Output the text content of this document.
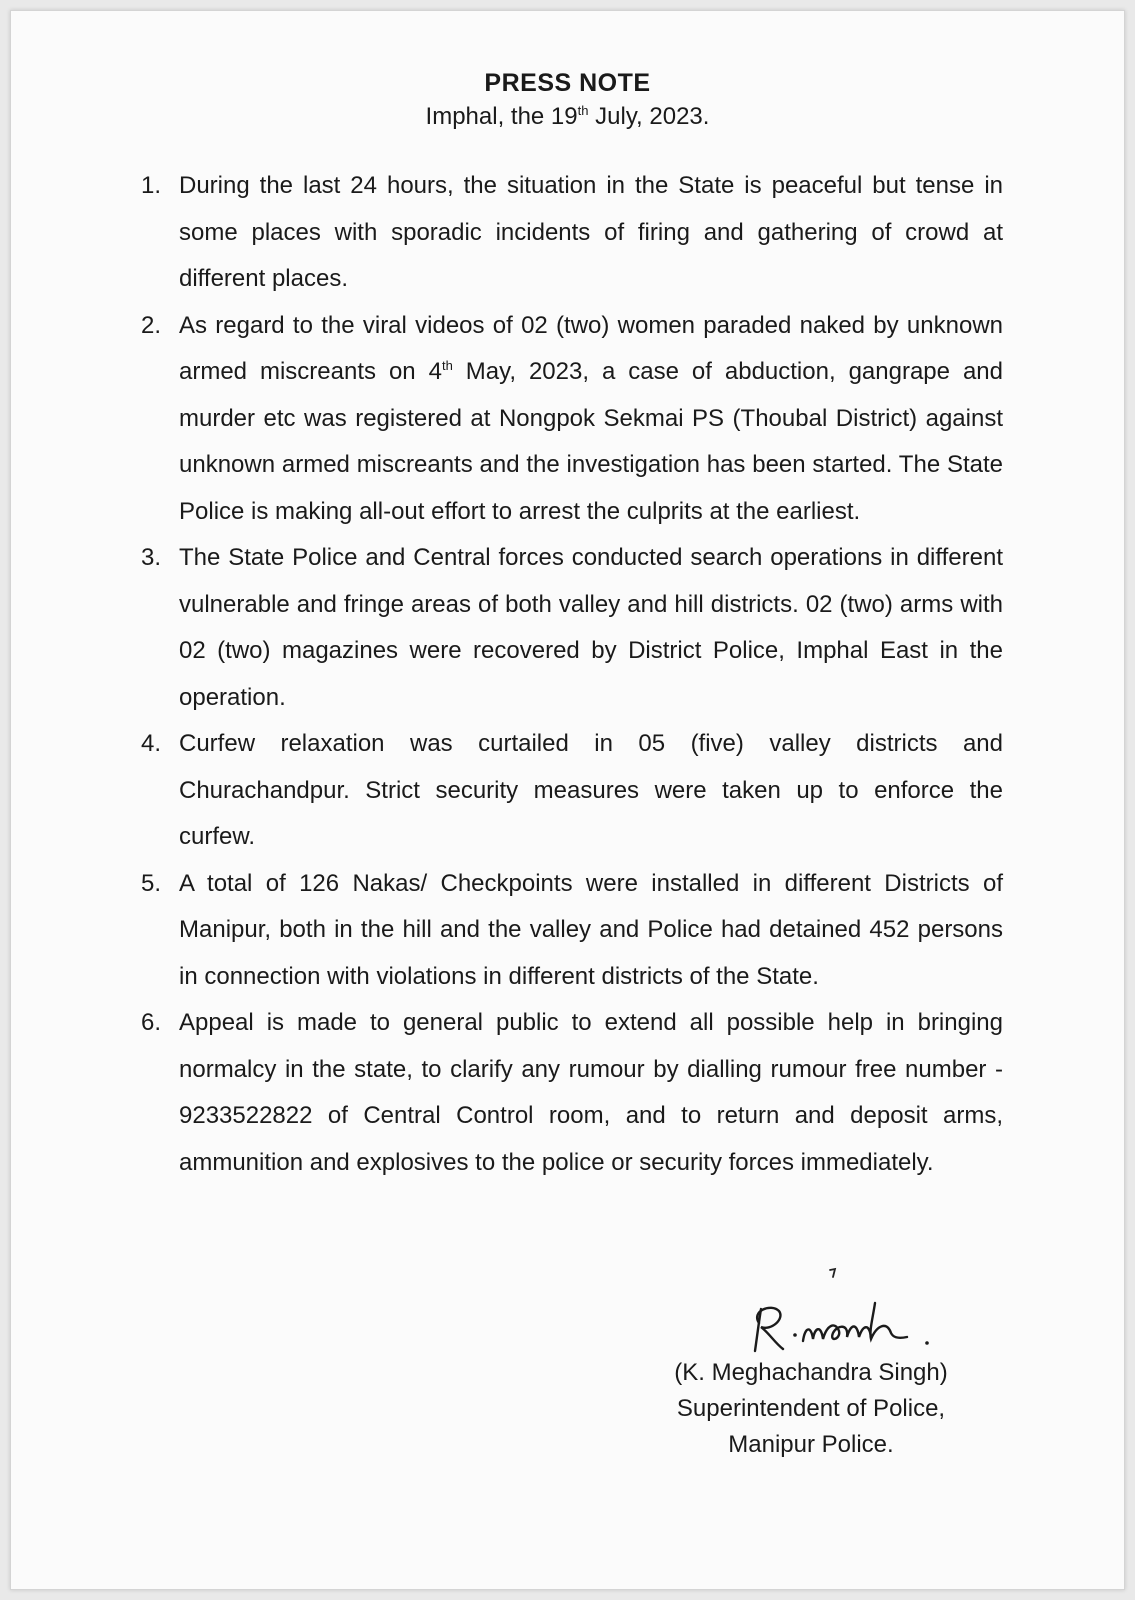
PRESS NOTE
Imphal, the 19th July, 2023.
1. During the last 24 hours, the situation in the State is peaceful but tense in some places with sporadic incidents of firing and gathering of crowd at different places.
2. As regard to the viral videos of 02 (two) women paraded naked by unknown armed miscreants on 4th May, 2023, a case of abduction, gangrape and murder etc was registered at Nongpok Sekmai PS (Thoubal District) against unknown armed miscreants and the investigation has been started. The State Police is making all-out effort to arrest the culprits at the earliest.
3. The State Police and Central forces conducted search operations in different vulnerable and fringe areas of both valley and hill districts. 02 (two) arms with 02 (two) magazines were recovered by District Police, Imphal East in the operation.
4. Curfew relaxation was curtailed in 05 (five) valley districts and Churachandpur. Strict security measures were taken up to enforce the curfew.
5. A total of 126 Nakas/ Checkpoints were installed in different Districts of Manipur, both in the hill and the valley and Police had detained 452 persons in connection with violations in different districts of the State.
6. Appeal is made to general public to extend all possible help in bringing normalcy in the state, to clarify any rumour by dialling rumour free number - 9233522822 of Central Control room, and to return and deposit arms, ammunition and explosives to the police or security forces immediately.
(K. Meghachandra Singh)
Superintendent of Police,
Manipur Police.
